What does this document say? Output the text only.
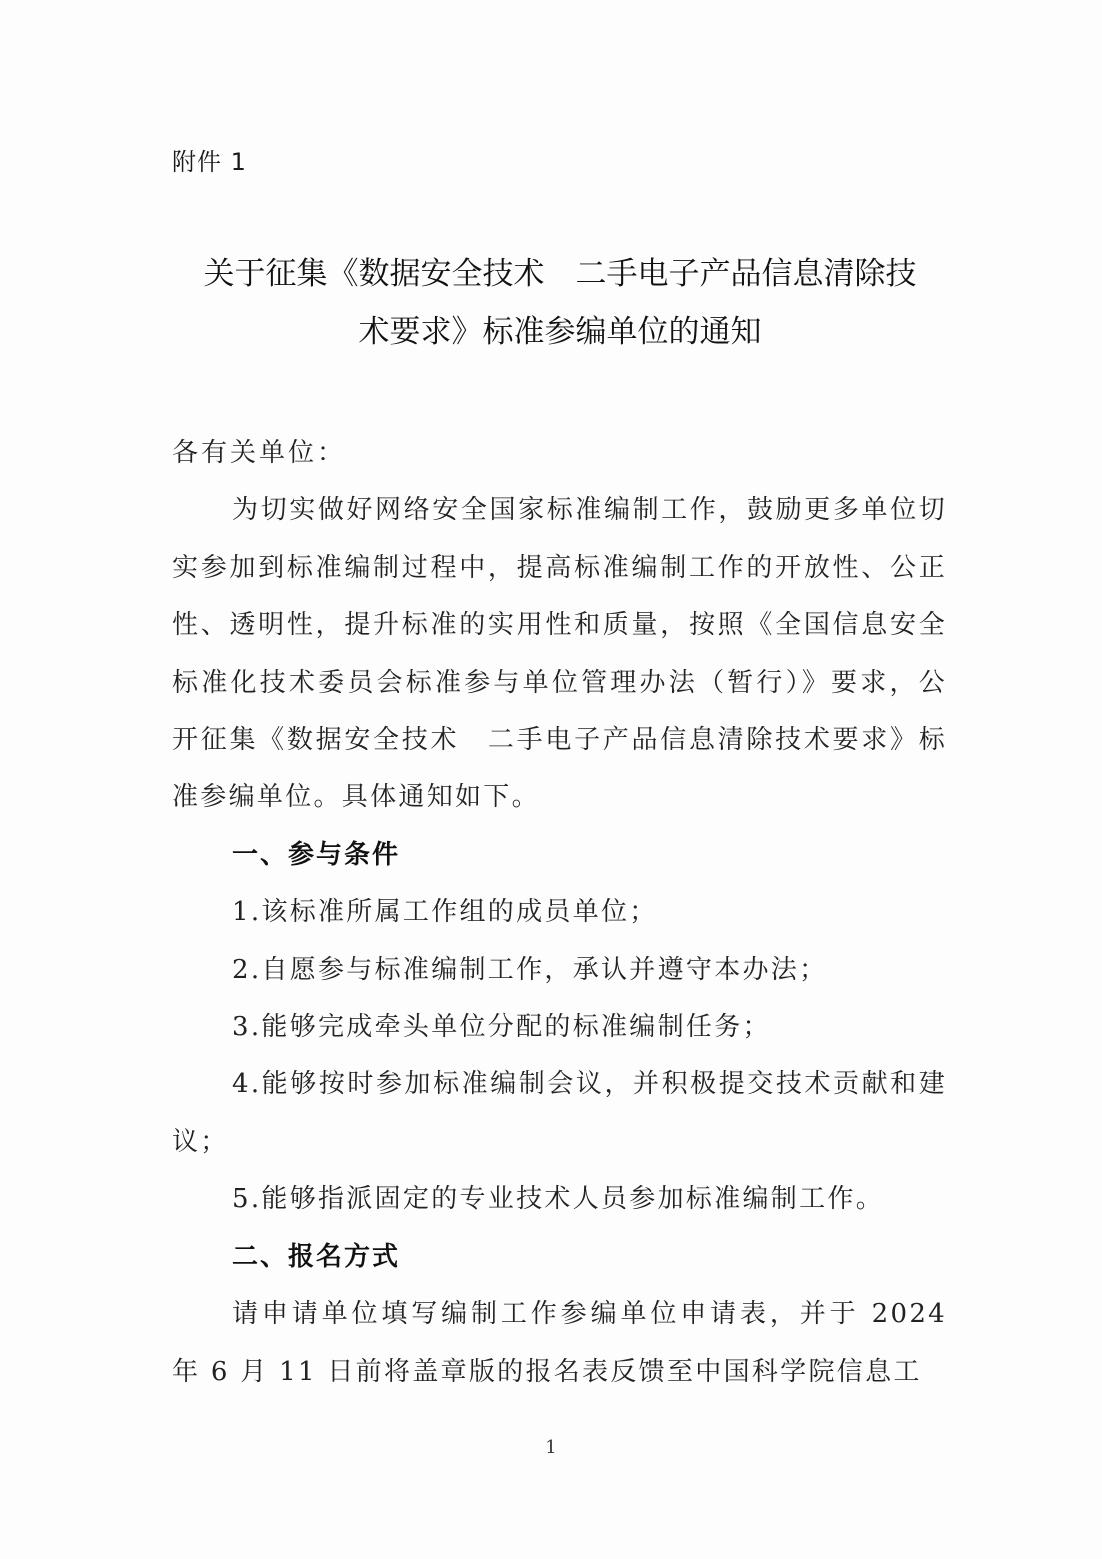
附件 1
关于征集《数据安全技术　二手电子产品信息清除技
术要求》标准参编单位的通知

各有关单位：

为切实做好网络安全国家标准编制工作，鼓励更多单位切实参加到标准编制过程中，提高标准编制工作的开放性、公正性、透明性，提升标准的实用性和质量，按照《全国信息安全标准化技术委员会标准参与单位管理办法（暂行）》要求，公开征集《数据安全技术　二手电子产品信息清除技术要求》标准参编单位。具体通知如下。

一、参与条件

1.该标准所属工作组的成员单位；

2.自愿参与标准编制工作，承认并遵守本办法；

3.能够完成牵头单位分配的标准编制任务；

4.能够按时参加标准编制会议，并积极提交技术贡献和建议；

5.能够指派固定的专业技术人员参加标准编制工作。

二、报名方式

请申请单位填写编制工作参编单位申请表，并于 2024 年 6 月 11 日前将盖章版的报名表反馈至中国科学院信息工

1
